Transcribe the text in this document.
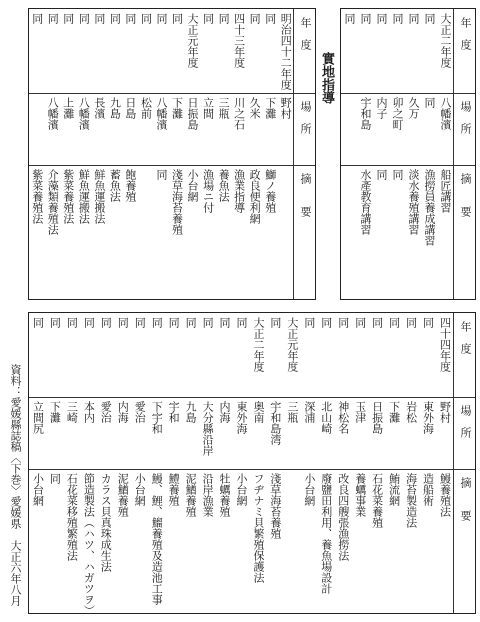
年　度
場　所
摘　　要
大正二年度
八幡濱
船匠講習
同
同
漁撈員養成講習
同
久万
淡水養殖講習
同
卯之町
同
同
内子
同
同
宇和島
水產教育講習
同
實地指導
年　度
場　所
摘　　要
明治四十二年度
野村
同
下灘
鰤ノ養殖
同
久米
政良便利網
四十三年度
川之石
漁業指導
同
三瓶
養魚法
同
立間
漁場ニ付
大正元年度
日振島
小台網
同
下灘
淺草海苔養殖
同
八幡濱
同
同
松前
同
日島
飽養殖
同
九島
蓄魚法
同
長濱
鮮魚運搬法
同
八幡濱
鮮魚運搬法
同
上灘
紫菜養殖法
同
八幡濱
介藻類養殖法
同
紫菜養殖法
年　度
場　所
摘　　要
四十四年度
野村
鰻養殖法
同
東外海
造船術
同
岩松
海苔製造法
同
下灘
鮪流網
同
日振島
石花菜養殖
同
玉津
養蠣事業
同
神松名
改良四艘張漁撈法
同
北山崎
廢鹽田利用、養魚場設計
同
深浦
小台網
大正元年度
三瓶
同
宇和島湾
淺草海苔養殖
大正二年度
奥南
フヂナミ貝繁殖保護法
同
東外海
小台網
同
内海
牡蠣養殖
同
大分縣沿岸
沿岸漁業
同
九島
泥鰌養殖
同
宇和
鱧養殖
同
下宇和
鰻、鯉、鰡養殖及造池工事
同
愛治
小台網
同
内海
泥鰌養殖
同
愛治
カラス貝真珠成生法
同
本内
節造製法（ハツ、ハガツヲ）
同
三崎
石花菜移殖繁殖法
同
下灘
同
同
立間尻
小台網
資料：愛媛縣誌稿〈下巻〉愛媛県　大正六年八月
